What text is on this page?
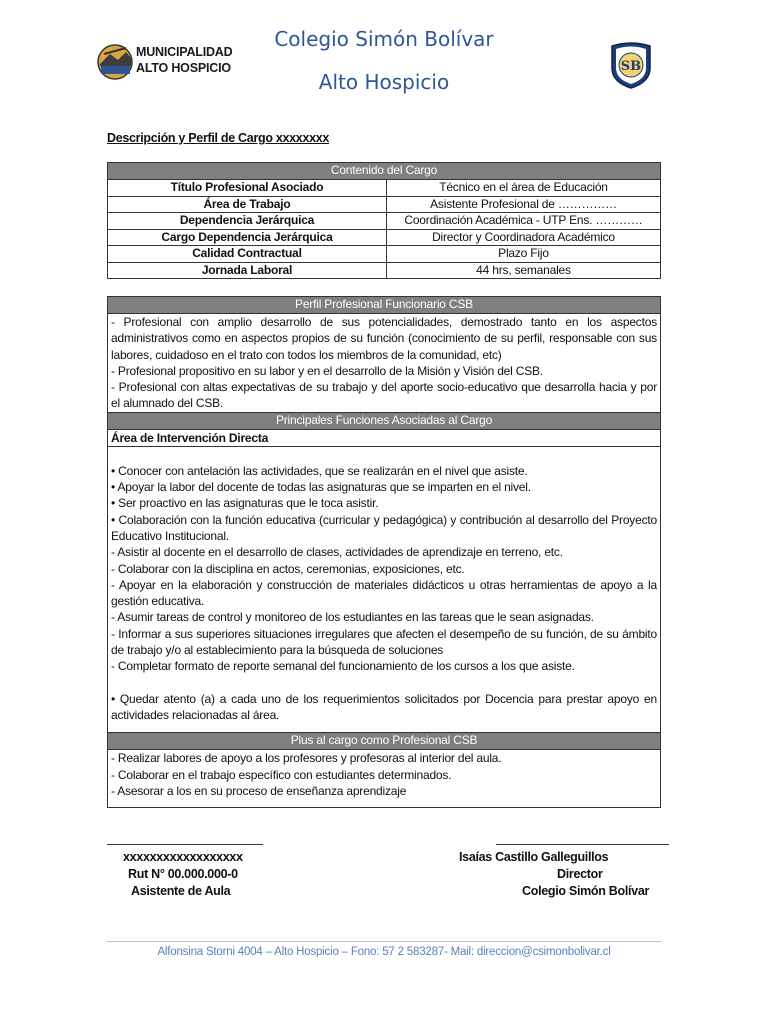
MUNICIPALIDAD
ALTO HOSPICIO
Colegio Simón Bolívar
Alto Hospicio
SB
Descripción y Perfil de Cargo xxxxxxxx
Contenido del Cargo	
Título Profesional Asociado	Técnico en el área de Educación
Área de Trabajo	Asistente Profesional de ……………
Dependencia Jerárquica	Coordinación Académica - UTP Ens. …………
Cargo Dependencia Jerárquica	Director y Coordinadora Académico
Calidad Contractual	Plazo Fijo
Jornada Laboral	44 hrs, semanales
Perfil Profesional Funcionario CSB

- Profesional con amplio desarrollo de sus potencialidades, demostrado tanto en los aspectos administrativos como en aspectos propios de su función (conocimiento de su perfil, responsable con sus labores, cuidadoso en el trato con todos los miembros de la comunidad, etc)

- Profesional propositivo en su labor y en el desarrollo de la Misión y Visión del CSB.

- Profesional con altas expectativas de su trabajo y del aporte socio-educativo que desarrolla hacia y por el alumnado del CSB.

Principales Funciones Asociadas al Cargo
Área de Intervención Directa

• Conocer con antelación las actividades, que se realizarán en el nivel que asiste.

• Apoyar la labor del docente de todas las asignaturas que se imparten en el nivel.

• Ser proactivo en las asignaturas que le toca asistir.

• Colaboración con la función educativa (curricular y pedagógica) y contribución al desarrollo del Proyecto Educativo Institucional.

- Asistir al docente en el desarrollo de clases, actividades de aprendizaje en terreno, etc.

- Colaborar con la disciplina en actos, ceremonias, exposiciones, etc.

- Apoyar en la elaboración y construcción de materiales didácticos u otras herramientas de apoyo a la gestión educativa.

- Asumir tareas de control y monitoreo de los estudiantes en las tareas que le sean asignadas.

- Informar a sus superiores situaciones irregulares que afecten el desempeño de su función, de su ámbito de trabajo y/o al establecimiento para la búsqueda de soluciones

- Completar formato de reporte semanal del funcionamiento de los cursos a los que asiste.

• Quedar atento (a) a cada uno de los requerimientos solicitados por Docencia para prestar apoyo en actividades relacionadas al área.

Plus al cargo como Profesional CSB

- Realizar labores de apoyo a los profesores y profesoras al interior del aula.

- Colaborar en el trabajo específico con estudiantes determinados.

- Asesorar a los en su proceso de enseñanza aprendizaje

xxxxxxxxxxxxxxxxxx
Rut N° 00.000.000-0
Asistente de Aula
Isaías Castillo Galleguillos
Director
Colegio Simón Bolívar
Alfonsina Storni 4004 – Alto Hospicio – Fono: 57 2 583287- Mail: direccion@csimonbolivar.cl
